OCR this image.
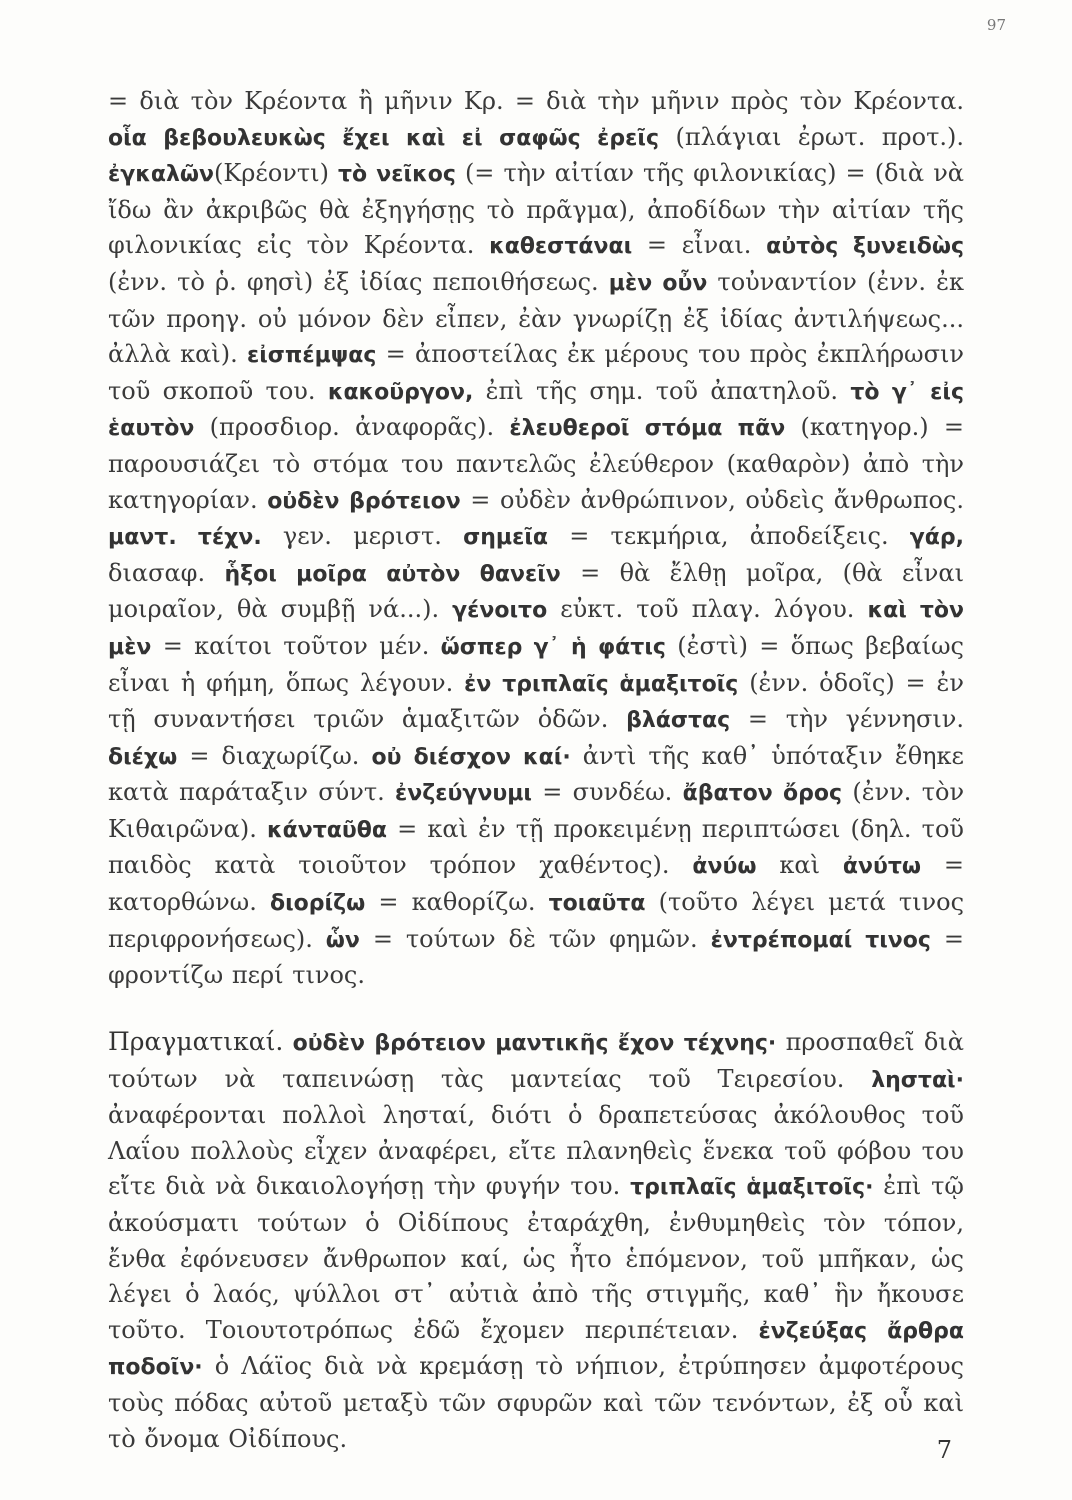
97

= διὰ τὸν Κρέοντα ἢ μῆνιν Κρ. = διὰ τὴν μῆνιν πρὸς τὸν Κρέοντα. οἷα βεβουλευκὼς ἔχει καὶ εἰ σαφῶς ἐρεῖς (πλάγιαι ἐρωτ. προτ.). ἐγκαλῶν(Κρέοντι) τὸ νεῖκος (= τὴν αἰτίαν τῆς φιλονικίας) = (διὰ νὰ ἴδω ἂν ἀκριβῶς θὰ ἐξηγήσῃς τὸ πρᾶγμα), ἀποδίδων τὴν αἰτίαν τῆς φιλονικίας εἰς τὸν Κρέοντα. καθεστάναι = εἶναι. αὐτὸς ξυνειδὼς (ἐνν. τὸ ῥ. φησὶ) ἐξ ἰδίας πεποιθήσεως. μὲν οὖν τοὐναντίον (ἐνν. ἐκ τῶν προηγ. οὐ μόνον δὲν εἶπεν, ἐὰν γνωρίζῃ ἐξ ἰδίας ἀντιλήψεως... ἀλλὰ καὶ). εἰσπέμψας = ἀποστείλας ἐκ μέρους του πρὸς ἐκπλήρωσιν τοῦ σκοποῦ του. κακοῦργον, ἐπὶ τῆς σημ. τοῦ ἀπατηλοῦ. τὸ γ᾽ εἰς ἑαυτὸν (προσδιορ. ἀναφορᾶς). ἐλευθεροῖ στόμα πᾶν (κατηγορ.) = παρουσιάζει τὸ στόμα του παντελῶς ἐλεύθερον (καθαρὸν) ἀπὸ τὴν κατηγορίαν. οὐδὲν βρότειον = οὐδὲν ἀνθρώπινον, οὐδεὶς ἄνθρωπος. μαντ. τέχν. γεν. μεριστ. σημεῖα = τεκμήρια, ἀποδείξεις. γάρ, διασαφ. ἧξοι μοῖρα αὐτὸν θανεῖν = θὰ ἔλθῃ μοῖρα, (θὰ εἶναι μοιραῖον, θὰ συμβῇ νά...). γένοιτο εὐκτ. τοῦ πλαγ. λόγου. καὶ τὸν μὲν = καίτοι τοῦτον μέν. ὥσπερ γ᾽ ἡ φάτις (ἐστὶ) = ὅπως βεβαίως εἶναι ἡ φήμη, ὅπως λέγουν. ἐν τριπλαῖς ἁμαξιτοῖς (ἐνν. ὁδοῖς) = ἐν τῇ συναντήσει τριῶν ἁμαξιτῶν ὁδῶν. βλάστας = τὴν γέννησιν. διέχω = διαχωρίζω. οὐ διέσχον καί· ἀντὶ τῆς καθ᾽ ὑπόταξιν ἔθηκε κατὰ παράταξιν σύντ. ἐνζεύγνυμι = συνδέω. ἄβατον ὄρος (ἐνν. τὸν Κιθαιρῶνα). κάνταῦθα = καὶ ἐν τῇ προκειμένῃ περιπτώσει (δηλ. τοῦ παιδὸς κατὰ τοιοῦτον τρόπον χαθέντος). ἀνύω καὶ ἀνύτω = κατορθώνω. διορίζω = καθορίζω. τοιαῦτα (τοῦτο λέγει μετά τινος περιφρονήσεως). ὧν = τούτων δὲ τῶν φημῶν. ἐντρέπομαί τινος = φροντίζω περί τινος.

Πραγματικαί. οὐδὲν βρότειον μαντικῆς ἔχον τέχνης· προσπαθεῖ διὰ τούτων νὰ ταπεινώσῃ τὰς μαντείας τοῦ Τειρεσίου. λησταὶ· ἀναφέρονται πολλοὶ λησταί, διότι ὁ δραπετεύσας ἀκόλουθος τοῦ Λαΐου πολλοὺς εἶχεν ἀναφέρει, εἴτε πλανηθεὶς ἕνεκα τοῦ φόβου του εἴτε διὰ νὰ δικαιολογήσῃ τὴν φυγήν του. τριπλαῖς ἁμαξιτοῖς· ἐπὶ τῷ ἀκούσματι τούτων ὁ Οἰδίπους ἐταράχθη, ἐνθυμηθεὶς τὸν τόπον, ἔνθα ἐφόνευσεν ἄνθρωπον καί, ὡς ἦτο ἑπόμενον, τοῦ μπῆκαν, ὡς λέγει ὁ λαός, ψύλλοι στ᾽ αὐτιὰ ἀπὸ τῆς στιγμῆς, καθ᾽ ἣν ἤκουσε τοῦτο. Τοιουτοτρόπως ἐδῶ ἔχομεν περιπέτειαν. ἐνζεύξας ἄρθρα ποδοῖν· ὁ Λάϊος διὰ νὰ κρεμάσῃ τὸ νήπιον, ἐτρύπησεν ἀμφοτέρους τοὺς πόδας αὐτοῦ μεταξὺ τῶν σφυρῶν καὶ τῶν τενόντων, ἐξ οὗ καὶ τὸ ὄνομα Οἰδίπους.	7
